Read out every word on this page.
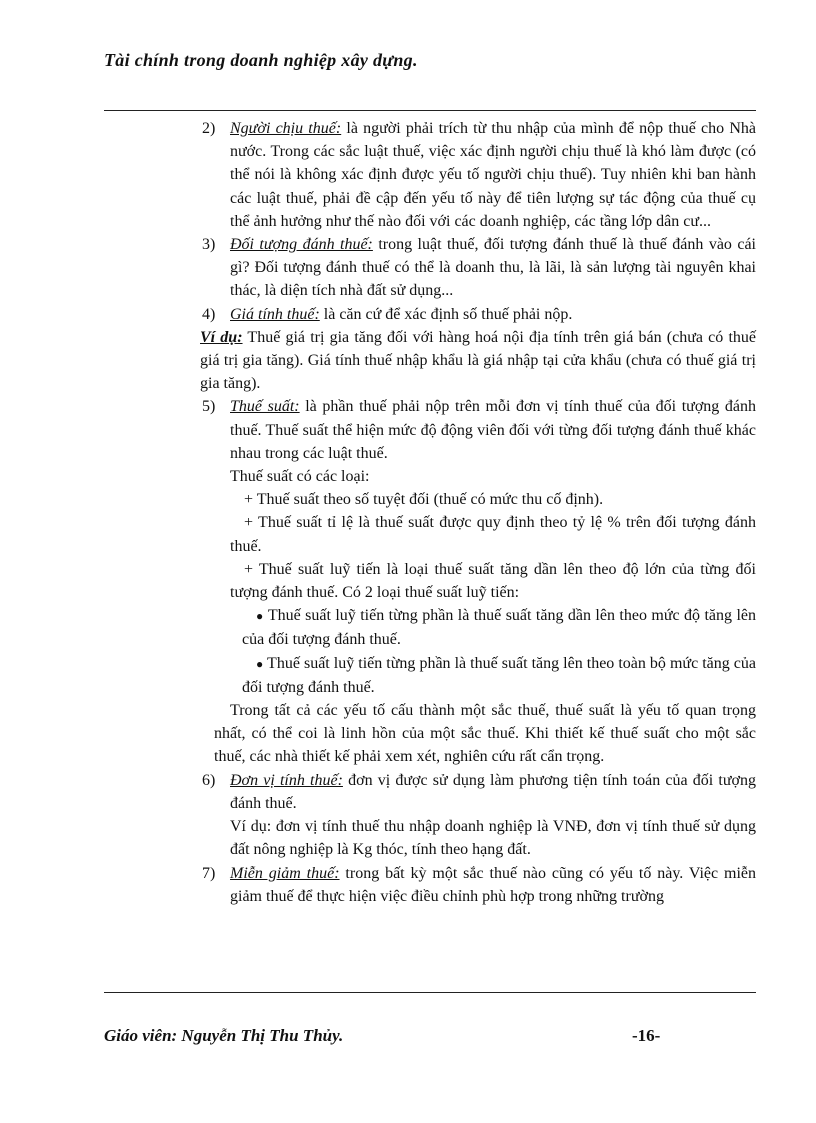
Tài chính trong doanh nghiệp xây dựng.

2) Người chịu thuế: là người phải trích từ thu nhập của mình để nộp thuế cho Nhà nước. Trong các sắc luật thuế, việc xác định người chịu thuế là khó làm được (có thể nói là không xác định được yếu tố người chịu thuế). Tuy nhiên khi ban hành các luật thuế, phải đề cập đến yếu tố này để tiên lượng sự tác động của thuế cụ thể ảnh hưởng như thế nào đối với các doanh nghiệp, các tầng lớp dân cư...

3) Đối tượng đánh thuế: trong luật thuế, đối tượng đánh thuế là thuế đánh vào cái gì? Đối tượng đánh thuế có thể là doanh thu, là lãi, là sản lượng tài nguyên khai thác, là diện tích nhà đất sử dụng...

4) Giá tính thuế: là căn cứ để xác định số thuế phải nộp.

Ví dụ: Thuế giá trị gia tăng đối với hàng hoá nội địa tính trên giá bán (chưa có thuế giá trị gia tăng). Giá tính thuế nhập khẩu là giá nhập tại cửa khẩu (chưa có thuế giá trị gia tăng).

5) Thuế suất: là phần thuế phải nộp trên mỗi đơn vị tính thuế của đối tượng đánh thuế. Thuế suất thể hiện mức độ động viên đối với từng đối tượng đánh thuế khác nhau trong các luật thuế.

Thuế suất có các loại:

+ Thuế suất theo số tuyệt đối (thuế có mức thu cố định).

+ Thuế suất tỉ lệ là thuế suất được quy định theo tỷ lệ % trên đối tượng đánh thuế.

+ Thuế suất luỹ tiến là loại thuế suất tăng dần lên theo độ lớn của từng đối tượng đánh thuế. Có 2 loại thuế suất luỹ tiến:

● Thuế suất luỹ tiến từng phần là thuế suất tăng dần lên theo mức độ tăng lên của đối tượng đánh thuế.

● Thuế suất luỹ tiến từng phần là thuế suất tăng lên theo toàn bộ mức tăng của đối tượng đánh thuế.

Trong tất cả các yếu tố cấu thành một sắc thuế, thuế suất là yếu tố quan trọng nhất, có thể coi là linh hồn của một sắc thuế. Khi thiết kế thuế suất cho một sắc thuế, các nhà thiết kế phải xem xét, nghiên cứu rất cẩn trọng.

6) Đơn vị tính thuế: đơn vị được sử dụng làm phương tiện tính toán của đối tượng đánh thuế.

Ví dụ: đơn vị tính thuế thu nhập doanh nghiệp là VNĐ, đơn vị tính thuế sử dụng đất nông nghiệp là Kg thóc, tính theo hạng đất.

7) Miễn giảm thuế: trong bất kỳ một sắc thuế nào cũng có yếu tố này. Việc miễn giảm thuế để thực hiện việc điều chỉnh phù hợp trong những trường

Giáo viên: Nguyễn Thị Thu Thủy.	-16-
